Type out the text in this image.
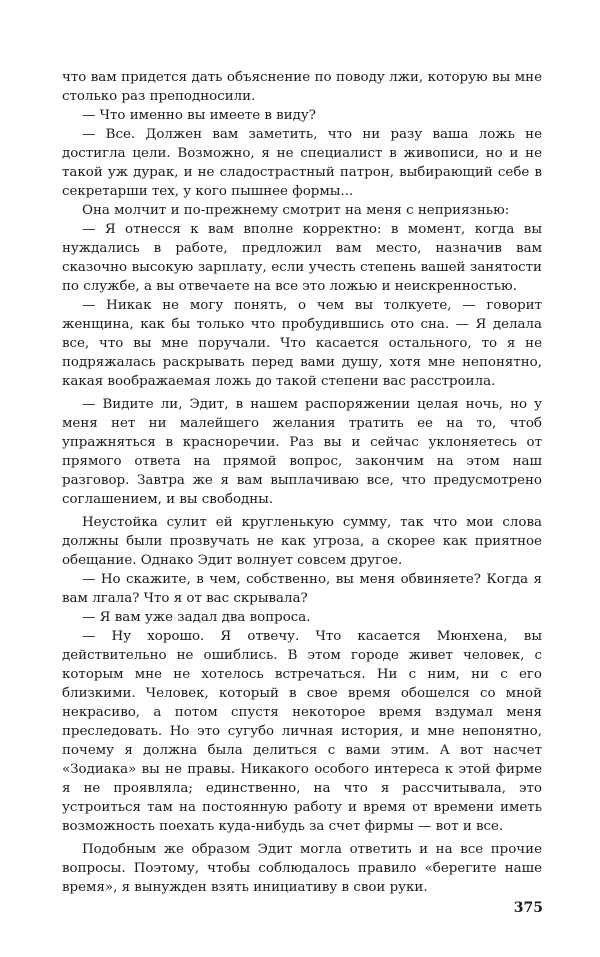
что вам придется дать объяснение по поводу лжи, которую вы мне столько раз преподносили.

— Что именно вы имеете в виду?

— Все. Должен вам заметить, что ни разу ваша ложь не достигла цели. Возможно, я не специалист в живописи, но и не такой уж дурак, и не сладострастный патрон, выбирающий себе в секретарши тех, у кого пышнее формы...

Она молчит и по-прежнему смотрит на меня с неприязнью:

— Я отнесся к вам вполне корректно: в момент, когда вы нуждались в работе, предложил вам место, назначив вам сказочно высокую зарплату, если учесть степень вашей занятости по службе, а вы отвечаете на все это ложью и неискренностью.

— Никак не могу понять, о чем вы толкуете, — говорит женщина, как бы только что пробудившись ото сна. — Я делала все, что вы мне поручали. Что касается остального, то я не подряжалась раскрывать перед вами душу, хотя мне непонятно, какая воображаемая ложь до такой степени вас расстроила.

— Видите ли, Эдит, в нашем распоряжении целая ночь, но у меня нет ни малейшего желания тратить ее на то, чтоб упражняться в красноречии. Раз вы и сейчас уклоняетесь от прямого ответа на прямой вопрос, закончим на этом наш разговор. Завтра же я вам выплачиваю все, что предусмотрено соглашением, и вы свободны.

Неустойка сулит ей кругленькую сумму, так что мои слова должны были прозвучать не как угроза, а скорее как приятное обещание. Однако Эдит волнует совсем другое.

— Но скажите, в чем, собственно, вы меня обвиняете? Когда я вам лгала? Что я от вас скрывала?

— Я вам уже задал два вопроса.

— Ну хорошо. Я отвечу. Что касается Мюнхена, вы действительно не ошиблись. В этом городе живет человек, с которым мне не хотелось встречаться. Ни с ним, ни с его близкими. Человек, который в свое время обошелся со мной некрасиво, а потом спустя некоторое время вздумал меня преследовать. Но это сугубо личная история, и мне непонятно, почему я должна была делиться с вами этим. А вот насчет «Зодиака» вы не правы. Никакого особого интереса к этой фирме я не проявляла; единственно, на что я рассчитывала, это устроиться там на постоянную работу и время от времени иметь возможность поехать куда-нибудь за счет фирмы — вот и все.

Подобным же образом Эдит могла ответить и на все прочие вопросы. Поэтому, чтобы соблюдалось правило «берегите наше время», я вынужден взять инициативу в свои руки.

375
